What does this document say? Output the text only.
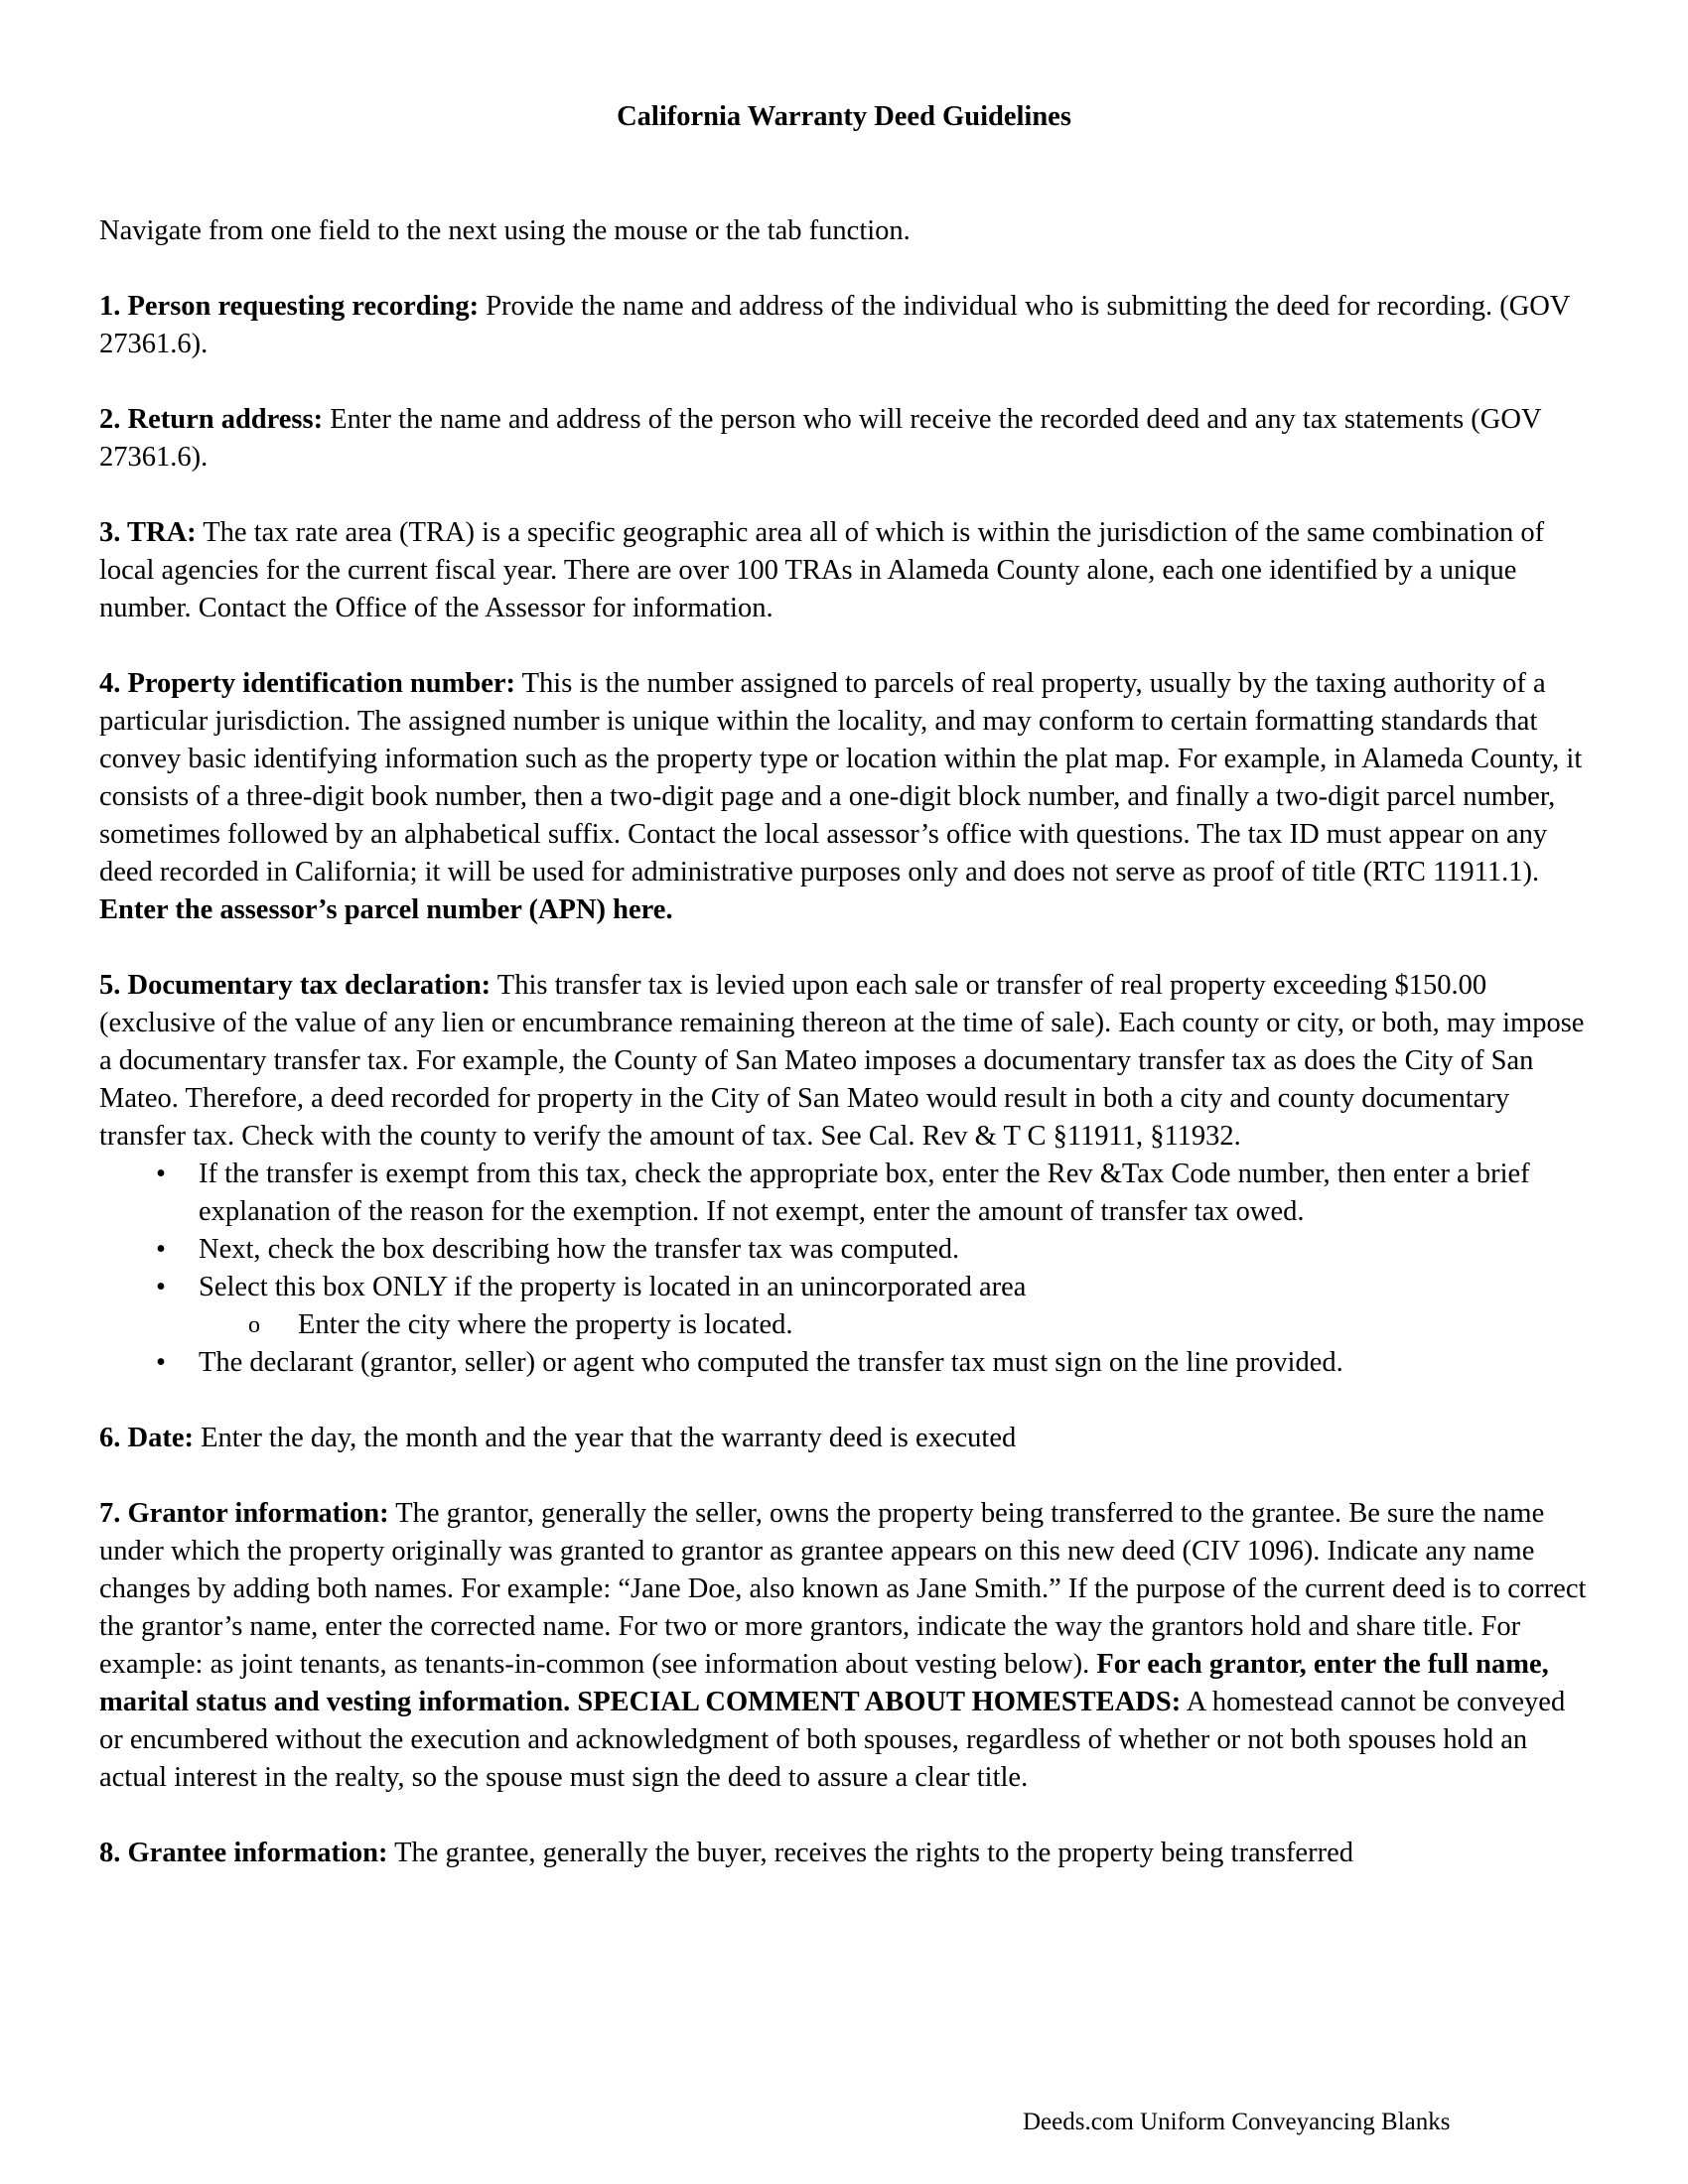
California Warranty Deed Guidelines

Navigate from one field to the next using the mouse or the tab function.

1. Person requesting recording: Provide the name and address of the individual who is submitting the deed for recording. (GOV 27361.6).

2. Return address: Enter the name and address of the person who will receive the recorded deed and any tax statements (GOV 27361.6).

3. TRA: The tax rate area (TRA) is a specific geographic area all of which is within the jurisdiction of the same combination of local agencies for the current fiscal year. There are over 100 TRAs in Alameda County alone, each one identified by a unique number. Contact the Office of the Assessor for information.

4. Property identification number: This is the number assigned to parcels of real property, usually by the taxing authority of a particular jurisdiction. The assigned number is unique within the locality, and may conform to certain formatting standards that convey basic identifying information such as the property type or location within the plat map. For example, in Alameda County, it consists of a three-digit book number, then a two-digit page and a one-digit block number, and finally a two-digit parcel number, sometimes followed by an alphabetical suffix. Contact the local assessor’s office with questions. The tax ID must appear on any deed recorded in California; it will be used for administrative purposes only and does not serve as proof of title (RTC 11911.1). Enter the assessor’s parcel number (APN) here.

5. Documentary tax declaration: This transfer tax is levied upon each sale or transfer of real property exceeding $150.00 (exclusive of the value of any lien or encumbrance remaining thereon at the time of sale). Each county or city, or both, may impose a documentary transfer tax. For example, the County of San Mateo imposes a documentary transfer tax as does the City of San Mateo. Therefore, a deed recorded for property in the City of San Mateo would result in both a city and county documentary transfer tax. Check with the county to verify the amount of tax. See Cal. Rev & T C §11911, §11932.

• If the transfer is exempt from this tax, check the appropriate box, enter the Rev &Tax Code number, then enter a brief explanation of the reason for the exemption. If not exempt, enter the amount of transfer tax owed.
• Next, check the box describing how the transfer tax was computed.
• Select this box ONLY if the property is located in an unincorporated area
o Enter the city where the property is located.
• The declarant (grantor, seller) or agent who computed the transfer tax must sign on the line provided.

6. Date: Enter the day, the month and the year that the warranty deed is executed

7. Grantor information: The grantor, generally the seller, owns the property being transferred to the grantee. Be sure the name under which the property originally was granted to grantor as grantee appears on this new deed (CIV 1096). Indicate any name changes by adding both names. For example: “Jane Doe, also known as Jane Smith.” If the purpose of the current deed is to correct the grantor’s name, enter the corrected name. For two or more grantors, indicate the way the grantors hold and share title. For example: as joint tenants, as tenants-in-common (see information about vesting below). For each grantor, enter the full name, marital status and vesting information. SPECIAL COMMENT ABOUT HOMESTEADS: A homestead cannot be conveyed or encumbered without the execution and acknowledgment of both spouses, regardless of whether or not both spouses hold an actual interest in the realty, so the spouse must sign the deed to assure a clear title.

8. Grantee information: The grantee, generally the buyer, receives the rights to the property being transferred

Deeds.com Uniform Conveyancing Blanks
